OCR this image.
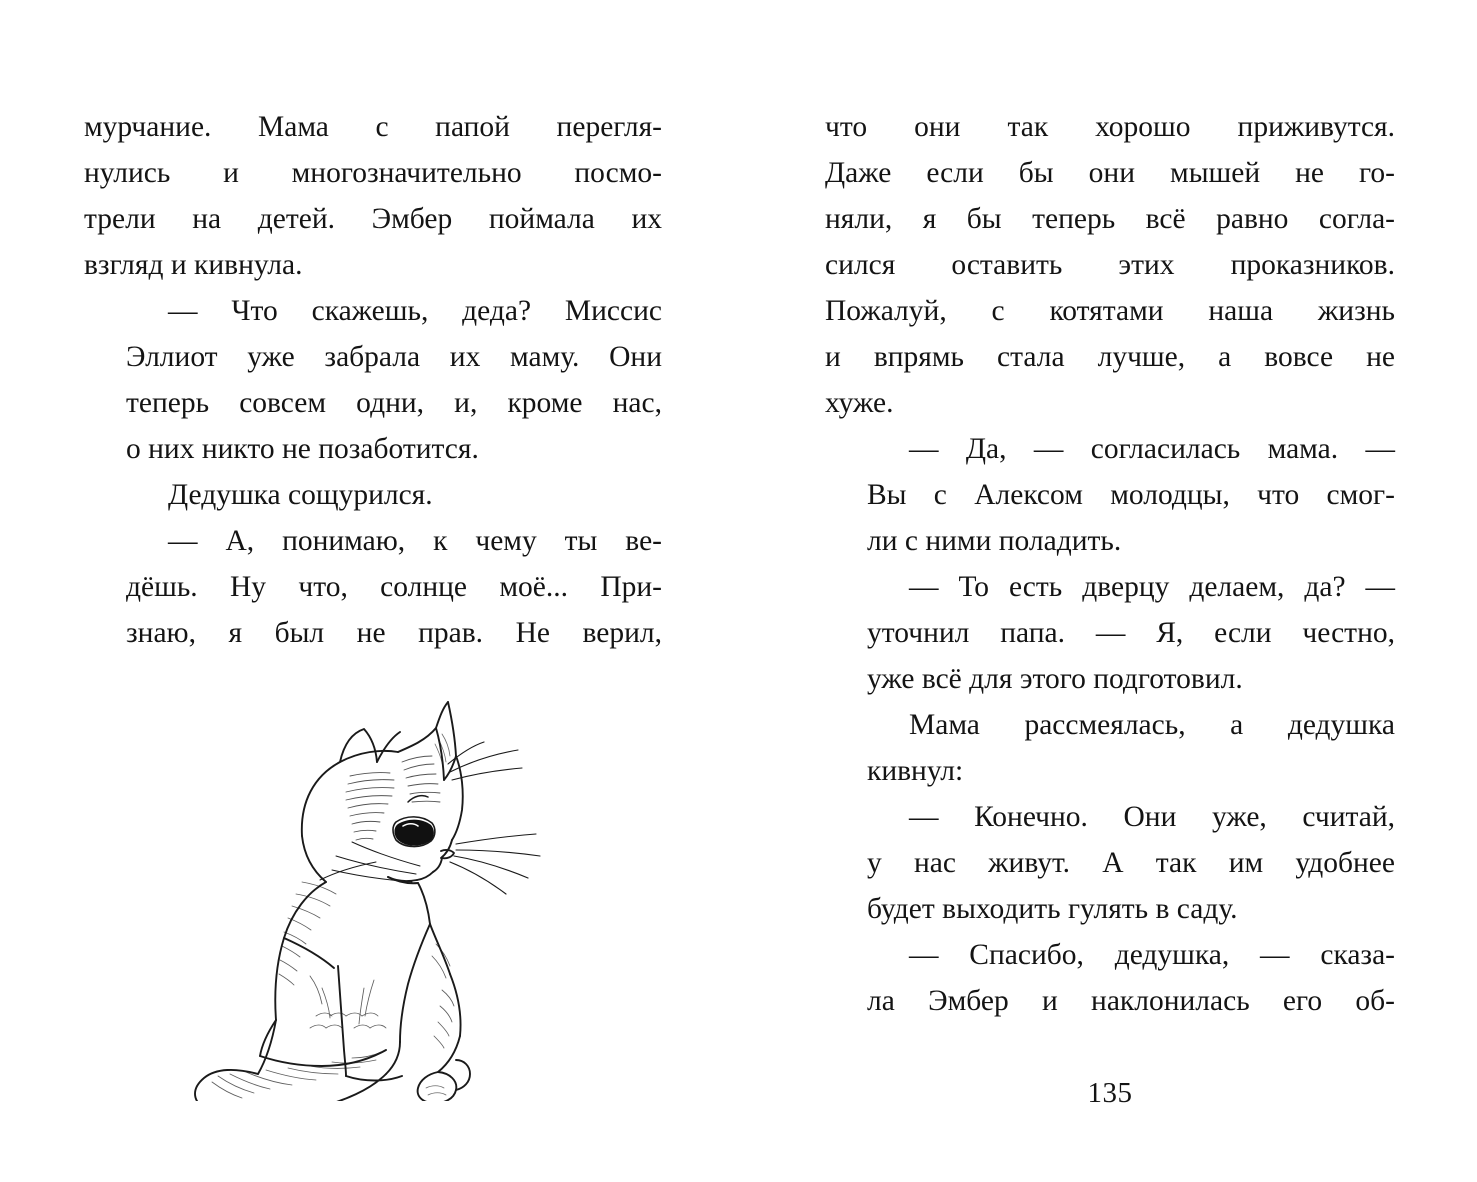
мурчание. Мама с папой перегля-
нулись и многозначительно посмо-
трели на детей. Эмбер поймала их
взгляд и кивнула.

— Что скажешь, деда? Миссис
Эллиот уже забрала их маму. Они
теперь совсем одни, и, кроме нас,
о них никто не позаботится.

Дедушка сощурился.

— А, понимаю, к чему ты ве-
дёшь. Ну что, солнце моё... При-
знаю, я был не прав. Не верил,

что они так хорошо приживутся.
Даже если бы они мышей не го-
няли, я бы теперь всё равно согла-
сился оставить этих проказников.
Пожалуй, с котятами наша жизнь
и впрямь стала лучше, а вовсе не
хуже.

— Да, — согласилась мама. —
Вы с Алексом молодцы, что смог-
ли с ними поладить.

— То есть дверцу делаем, да? —
уточнил папа. — Я, если честно,
уже всё для этого подготовил.

Мама рассмеялась, а дедушка
кивнул:

— Конечно. Они уже, считай,
у нас живут. А так им удобнее
будет выходить гулять в саду.

— Спасибо, дедушка, — сказа-
ла Эмбер и наклонилась его об-

135
